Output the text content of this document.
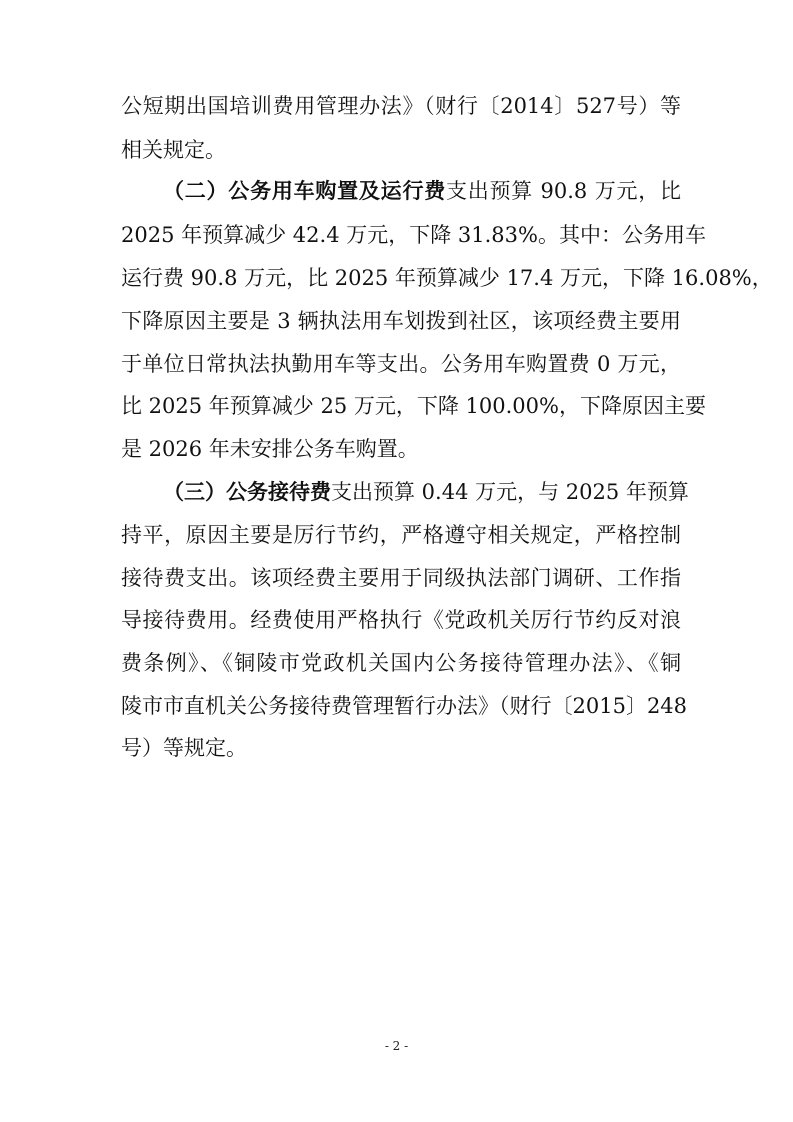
公短期出国培训费用管理办法》（财行〔2014〕527号）等
相关规定。
（二）公务用车购置及运行费支出预算 90.8 万元，比
2025 年预算减少 42.4 万元，下降 31.83%。其中：公务用车
运行费 90.8 万元，比 2025 年预算减少 17.4 万元，下降 16.08%，
下降原因主要是 3 辆执法用车划拨到社区，该项经费主要用
于单位日常执法执勤用车等支出。公务用车购置费 0 万元，
比 2025 年预算减少 25 万元，下降 100.00%，下降原因主要
是 2026 年未安排公务车购置。
（三）公务接待费支出预算 0.44 万元，与 2025 年预算
持平，原因主要是厉行节约，严格遵守相关规定，严格控制
接待费支出。该项经费主要用于同级执法部门调研、工作指
导接待费用。经费使用严格执行《党政机关厉行节约反对浪
费条例》、《铜陵市党政机关国内公务接待管理办法》、《铜
陵市市直机关公务接待费管理暂行办法》（财行〔2015〕248
号）等规定。
- 2 -
